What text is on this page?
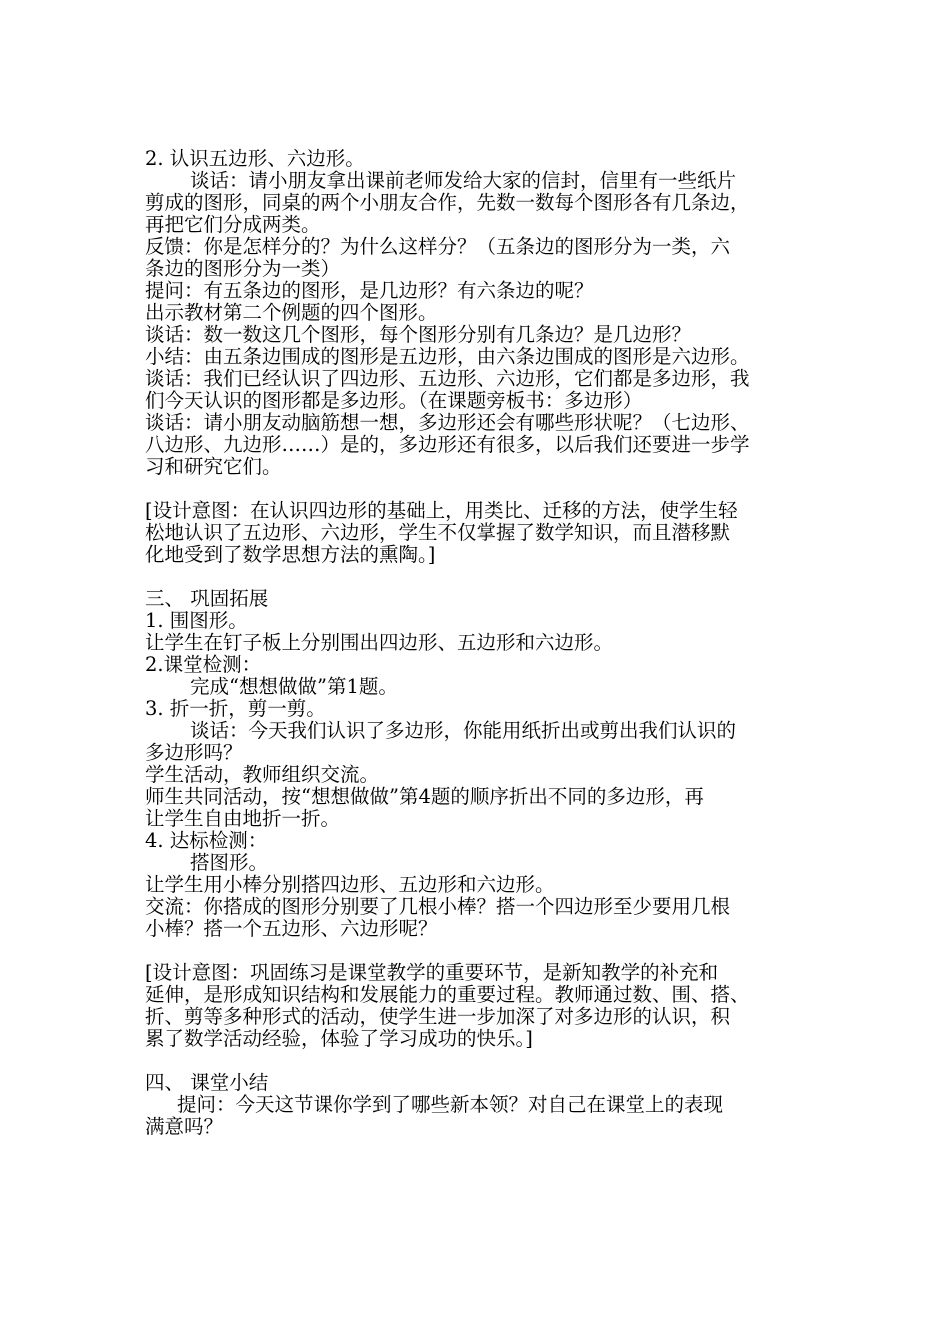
2. 认识五边形、六边形。
谈话：请小朋友拿出课前老师发给大家的信封，信里有一些纸片
剪成的图形，同桌的两个小朋友合作，先数一数每个图形各有几条边，
再把它们分成两类。
反馈：你是怎样分的？为什么这样分？（五条边的图形分为一类，六
条边的图形分为一类）
提问：有五条边的图形，是几边形？有六条边的呢？
出示教材第二个例题的四个图形。
谈话：数一数这几个图形，每个图形分别有几条边？是几边形？
小结：由五条边围成的图形是五边形，由六条边围成的图形是六边形。
谈话：我们已经认识了四边形、五边形、六边形，它们都是多边形，我
们今天认识的图形都是多边形。（在课题旁板书：多边形）
谈话：请小朋友动脑筋想一想，多边形还会有哪些形状呢？（七边形、
八边形、九边形……）是的，多边形还有很多，以后我们还要进一步学
习和研究它们。
[设计意图：在认识四边形的基础上，用类比、迁移的方法，使学生轻
松地认识了五边形、六边形，学生不仅掌握了数学知识，而且潜移默
化地受到了数学思想方法的熏陶。]
三、 巩固拓展
1. 围图形。
让学生在钉子板上分别围出四边形、五边形和六边形。
2.课堂检测：
完成“想想做做”第1题。
3. 折一折，剪一剪。
谈话：今天我们认识了多边形，你能用纸折出或剪出我们认识的
多边形吗？
学生活动，教师组织交流。
师生共同活动，按“想想做做”第4题的顺序折出不同的多边形，再
让学生自由地折一折。
4. 达标检测：
搭图形。
让学生用小棒分别搭四边形、五边形和六边形。
交流：你搭成的图形分别要了几根小棒？搭一个四边形至少要用几根
小棒？搭一个五边形、六边形呢？
[设计意图：巩固练习是课堂教学的重要环节，是新知教学的补充和
延伸，是形成知识结构和发展能力的重要过程。教师通过数、围、搭、
折、剪等多种形式的活动，使学生进一步加深了对多边形的认识，积
累了数学活动经验，体验了学习成功的快乐。]
四、 课堂小结
提问：今天这节课你学到了哪些新本领？对自己在课堂上的表现
满意吗？
